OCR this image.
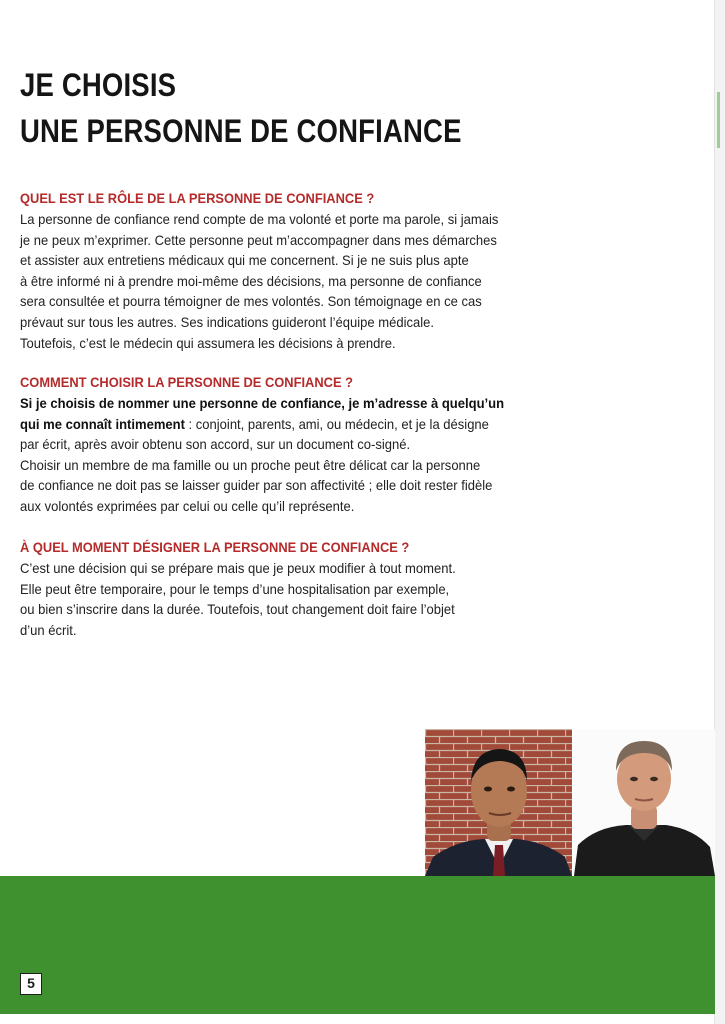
JE CHOISIS
UNE PERSONNE DE CONFIANCE
QUEL EST LE RÔLE DE LA PERSONNE DE CONFIANCE ?
La personne de confiance rend compte de ma volonté et porte ma parole, si jamais
je ne peux m’exprimer. Cette personne peut m’accompagner dans mes démarches
et assister aux entretiens médicaux qui me concernent. Si je ne suis plus apte
à être informé ni à prendre moi-même des décisions, ma personne de confiance
sera consultée et pourra témoigner de mes volontés. Son témoignage en ce cas
prévaut sur tous les autres. Ses indications guideront l’équipe médicale.
Toutefois, c’est le médecin qui assumera les décisions à prendre.
COMMENT CHOISIR LA PERSONNE DE CONFIANCE ?
Si je choisis de nommer une personne de confiance, je m’adresse à quelqu’un
qui me connaît intimement : conjoint, parents, ami, ou médecin, et je la désigne
par écrit, après avoir obtenu son accord, sur un document co-signé.
Choisir un membre de ma famille ou un proche peut être délicat car la personne
de confiance ne doit pas se laisser guider par son affectivité ; elle doit rester fidèle
aux volontés exprimées par celui ou celle qu’il représente.
À QUEL MOMENT DÉSIGNER LA PERSONNE DE CONFIANCE ?
C’est une décision qui se prépare mais que je peux modifier à tout moment.
Elle peut être temporaire, pour le temps d’une hospitalisation par exemple,
ou bien s’inscrire dans la durée. Toutefois, tout changement doit faire l’objet
d’un écrit.
5
